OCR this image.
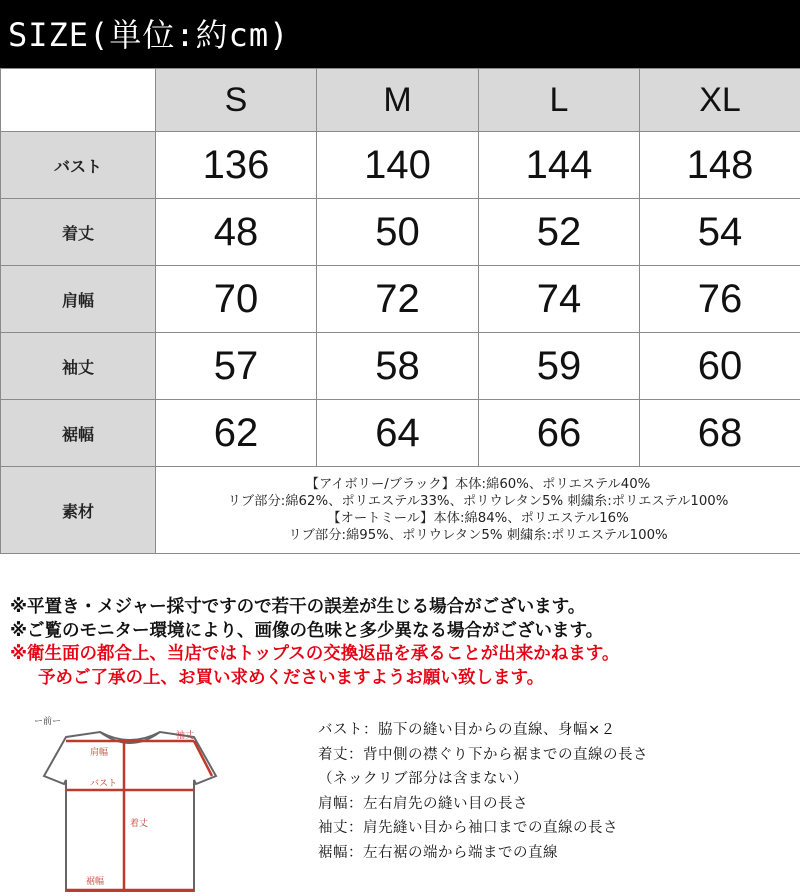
SIZE(単位:約cm)
	S	M	L	XL
バスト	136	140	144	148
着丈	48	50	52	54
肩幅	70	72	74	76
袖丈	57	58	59	60
裾幅	62	64	66	68
素材	【アイボリー/ブラック】本体:綿60%、ポリエステル40%
リブ部分:綿62%、ポリエステル33%、ポリウレタン5% 刺繍糸:ポリエステル100%
【オートミール】本体:綿84%、ポリエステル16%
リブ部分:綿95%、ポリウレタン5% 刺繍糸:ポリエステル100%			
※平置き・メジャー採寸ですので若干の誤差が生じる場合がございます。
※ご覧のモニター環境により、画像の色味と多少異なる場合がございます。
※衛生面の都合上、当店ではトップスの交換返品を承ることが出来かねます。
予めご了承の上、お買い求めくださいますようお願い致します。
ー前ー
肩幅
袖丈
バスト
着丈
裾幅
バスト：脇下の縫い目からの直線、身幅×２
着丈：背中側の襟ぐり下から裾までの直線の長さ
（ネックリブ部分は含まない）
肩幅：左右肩先の縫い目の長さ
袖丈：肩先縫い目から袖口までの直線の長さ
裾幅：左右裾の端から端までの直線
